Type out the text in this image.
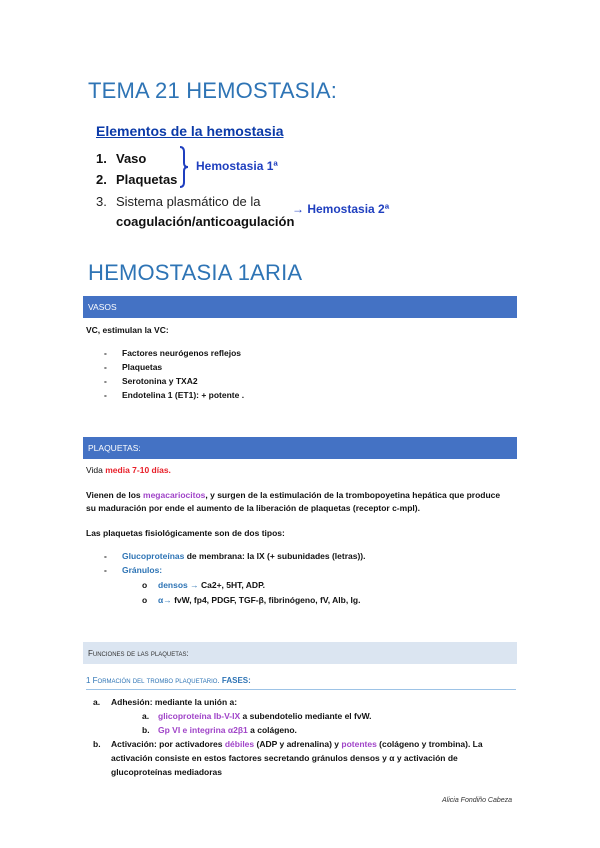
TEMA 21 HEMOSTASIA:
Elementos de la hemostasia
1. Vaso
2. Plaquetas
Hemostasia 1ª
3. Sistema plasmático de la
coagulación/anticoagulación
→ Hemostasia 2ª
HEMOSTASIA 1ARIA
VASOS
VC, estimulan la VC:
- Factores neurógenos reflejos
- Plaquetas
- Serotonina y TXA2
- Endotelina 1 (ET1): + potente .
PLAQUETAS:
Vida media 7-10 días.
Vienen de los megacariocitos, y surgen de la estimulación de la trombopoyetina hepática que produce
su maduración por ende el aumento de la liberación de plaquetas (receptor c-mpl).
Las plaquetas fisiológicamente son de dos tipos:
- Glucoproteínas de membrana: Ia IX (+ subunidades (letras)).
- Gránulos:
o densos → Ca2+, 5HT, ADP.
o α→ fvW, fp4, PDGF, TGF-β, fibrinógeno, fV, Alb, Ig.
Funciones de las plaquetas:
1 Formación del trombo plaquetario. FASES:
a. Adhesión: mediante la unión a:
a. glicoproteína Ib-V-IX a subendotelio mediante el fvW.
b. Gp VI e integrina α2β1 a colágeno.
b. Activación: por activadores débiles (ADP y adrenalina) y potentes (colágeno y trombina). La
activación consiste en estos factores secretando gránulos densos y α y activación de
glucoproteínas mediadoras
Alicia Fondiño Cabeza
